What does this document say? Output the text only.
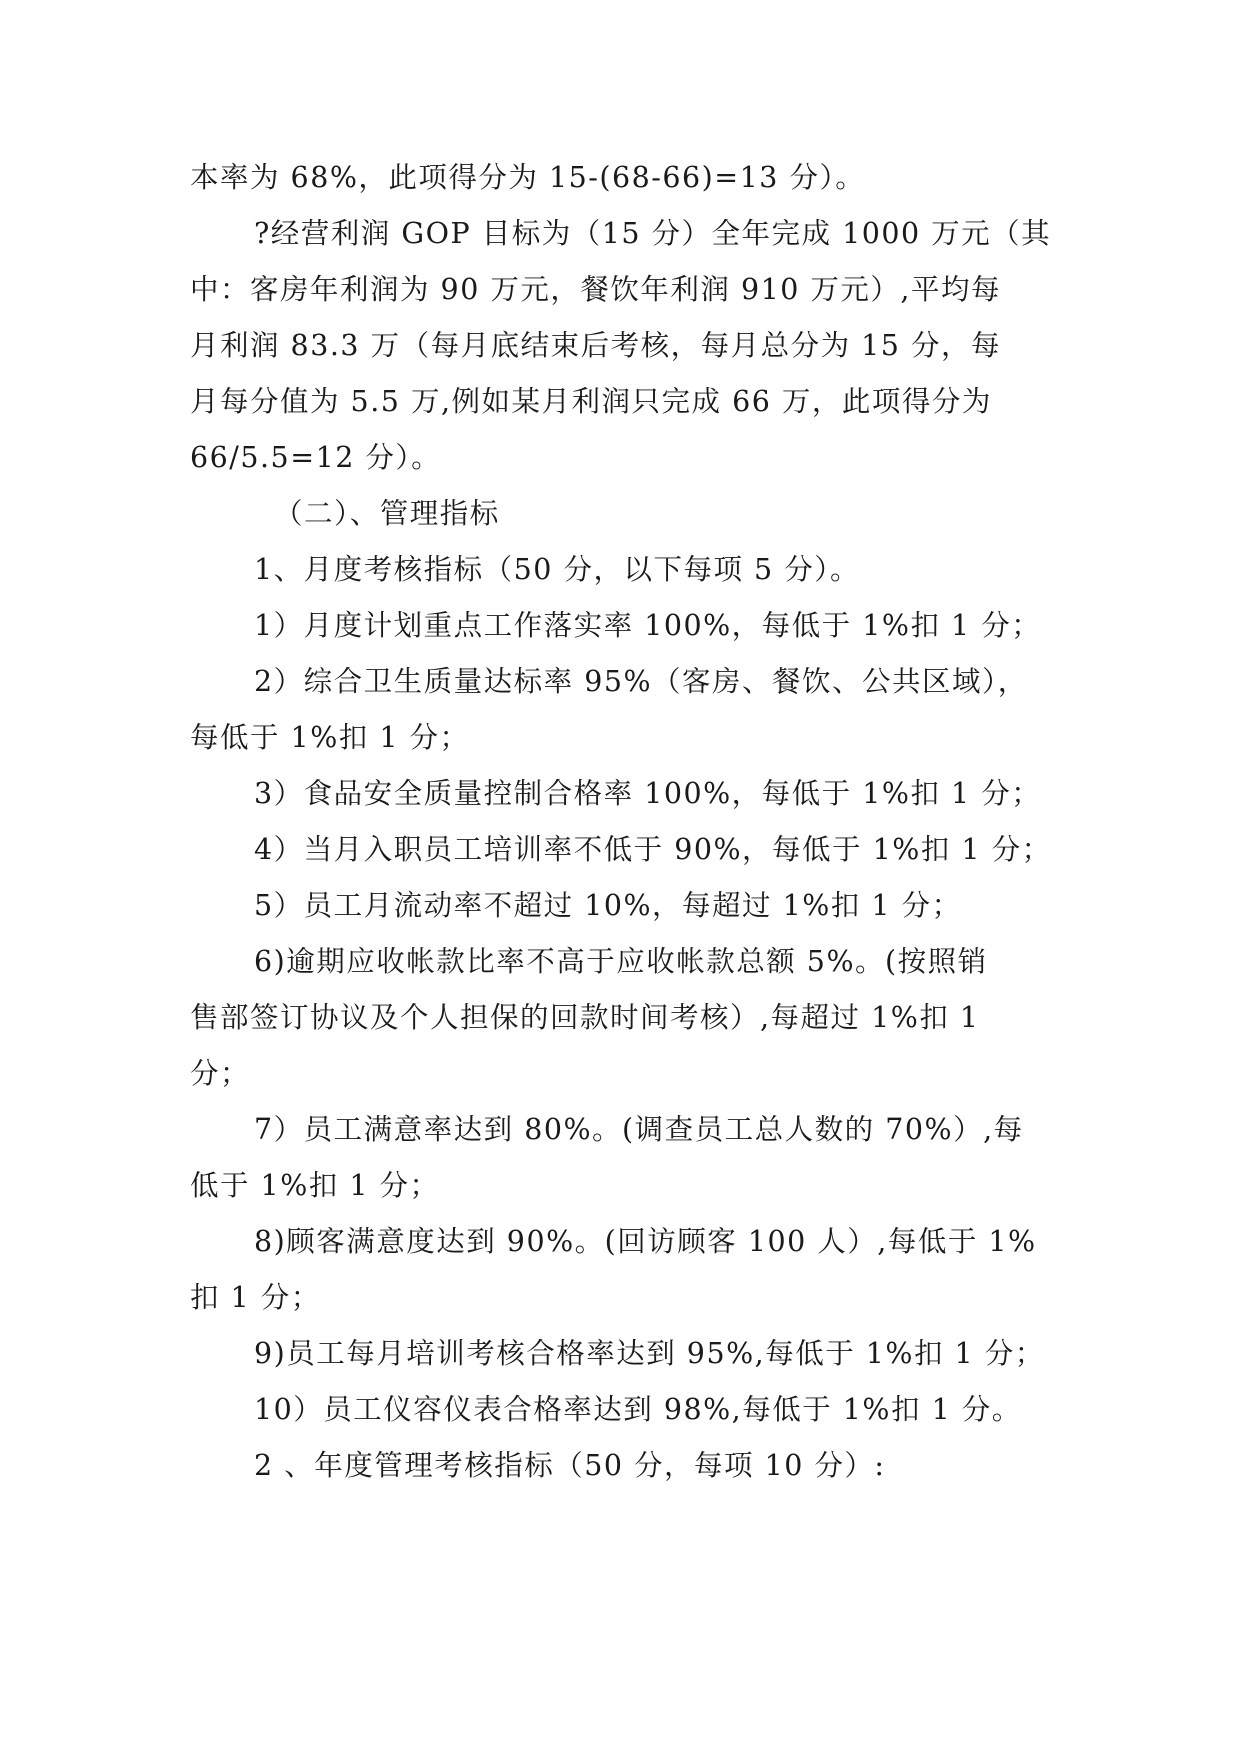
本率为 68%，此项得分为 15-(68-66)=13 分）。
?经营利润 GOP 目标为（15 分）全年完成 1000 万元（其
中：客房年利润为 90 万元，餐饮年利润 910 万元）,平均每
月利润 83.3 万（每月底结束后考核，每月总分为 15 分，每
月每分值为 5.5 万,例如某月利润只完成 66 万，此项得分为
66/5.5=12 分）。
（二）、管理指标
1、月度考核指标（50 分，以下每项 5 分）。
1）月度计划重点工作落实率 100%，每低于 1%扣 1 分；
2）综合卫生质量达标率 95%（客房、餐饮、公共区域），
每低于 1%扣 1 分；
3）食品安全质量控制合格率 100%，每低于 1%扣 1 分；
4）当月入职员工培训率不低于 90%，每低于 1%扣 1 分；
5）员工月流动率不超过 10%，每超过 1%扣 1 分；
6)逾期应收帐款比率不高于应收帐款总额 5%。(按照销
售部签订协议及个人担保的回款时间考核）,每超过 1%扣 1
分；
7）员工满意率达到 80%。(调查员工总人数的 70%）,每
低于 1%扣 1 分；
8)顾客满意度达到 90%。(回访顾客 100 人）,每低于 1%
扣 1 分；
9)员工每月培训考核合格率达到 95%,每低于 1%扣 1 分；
10）员工仪容仪表合格率达到 98%,每低于 1%扣 1 分。
2 、年度管理考核指标（50 分，每项 10 分）:
